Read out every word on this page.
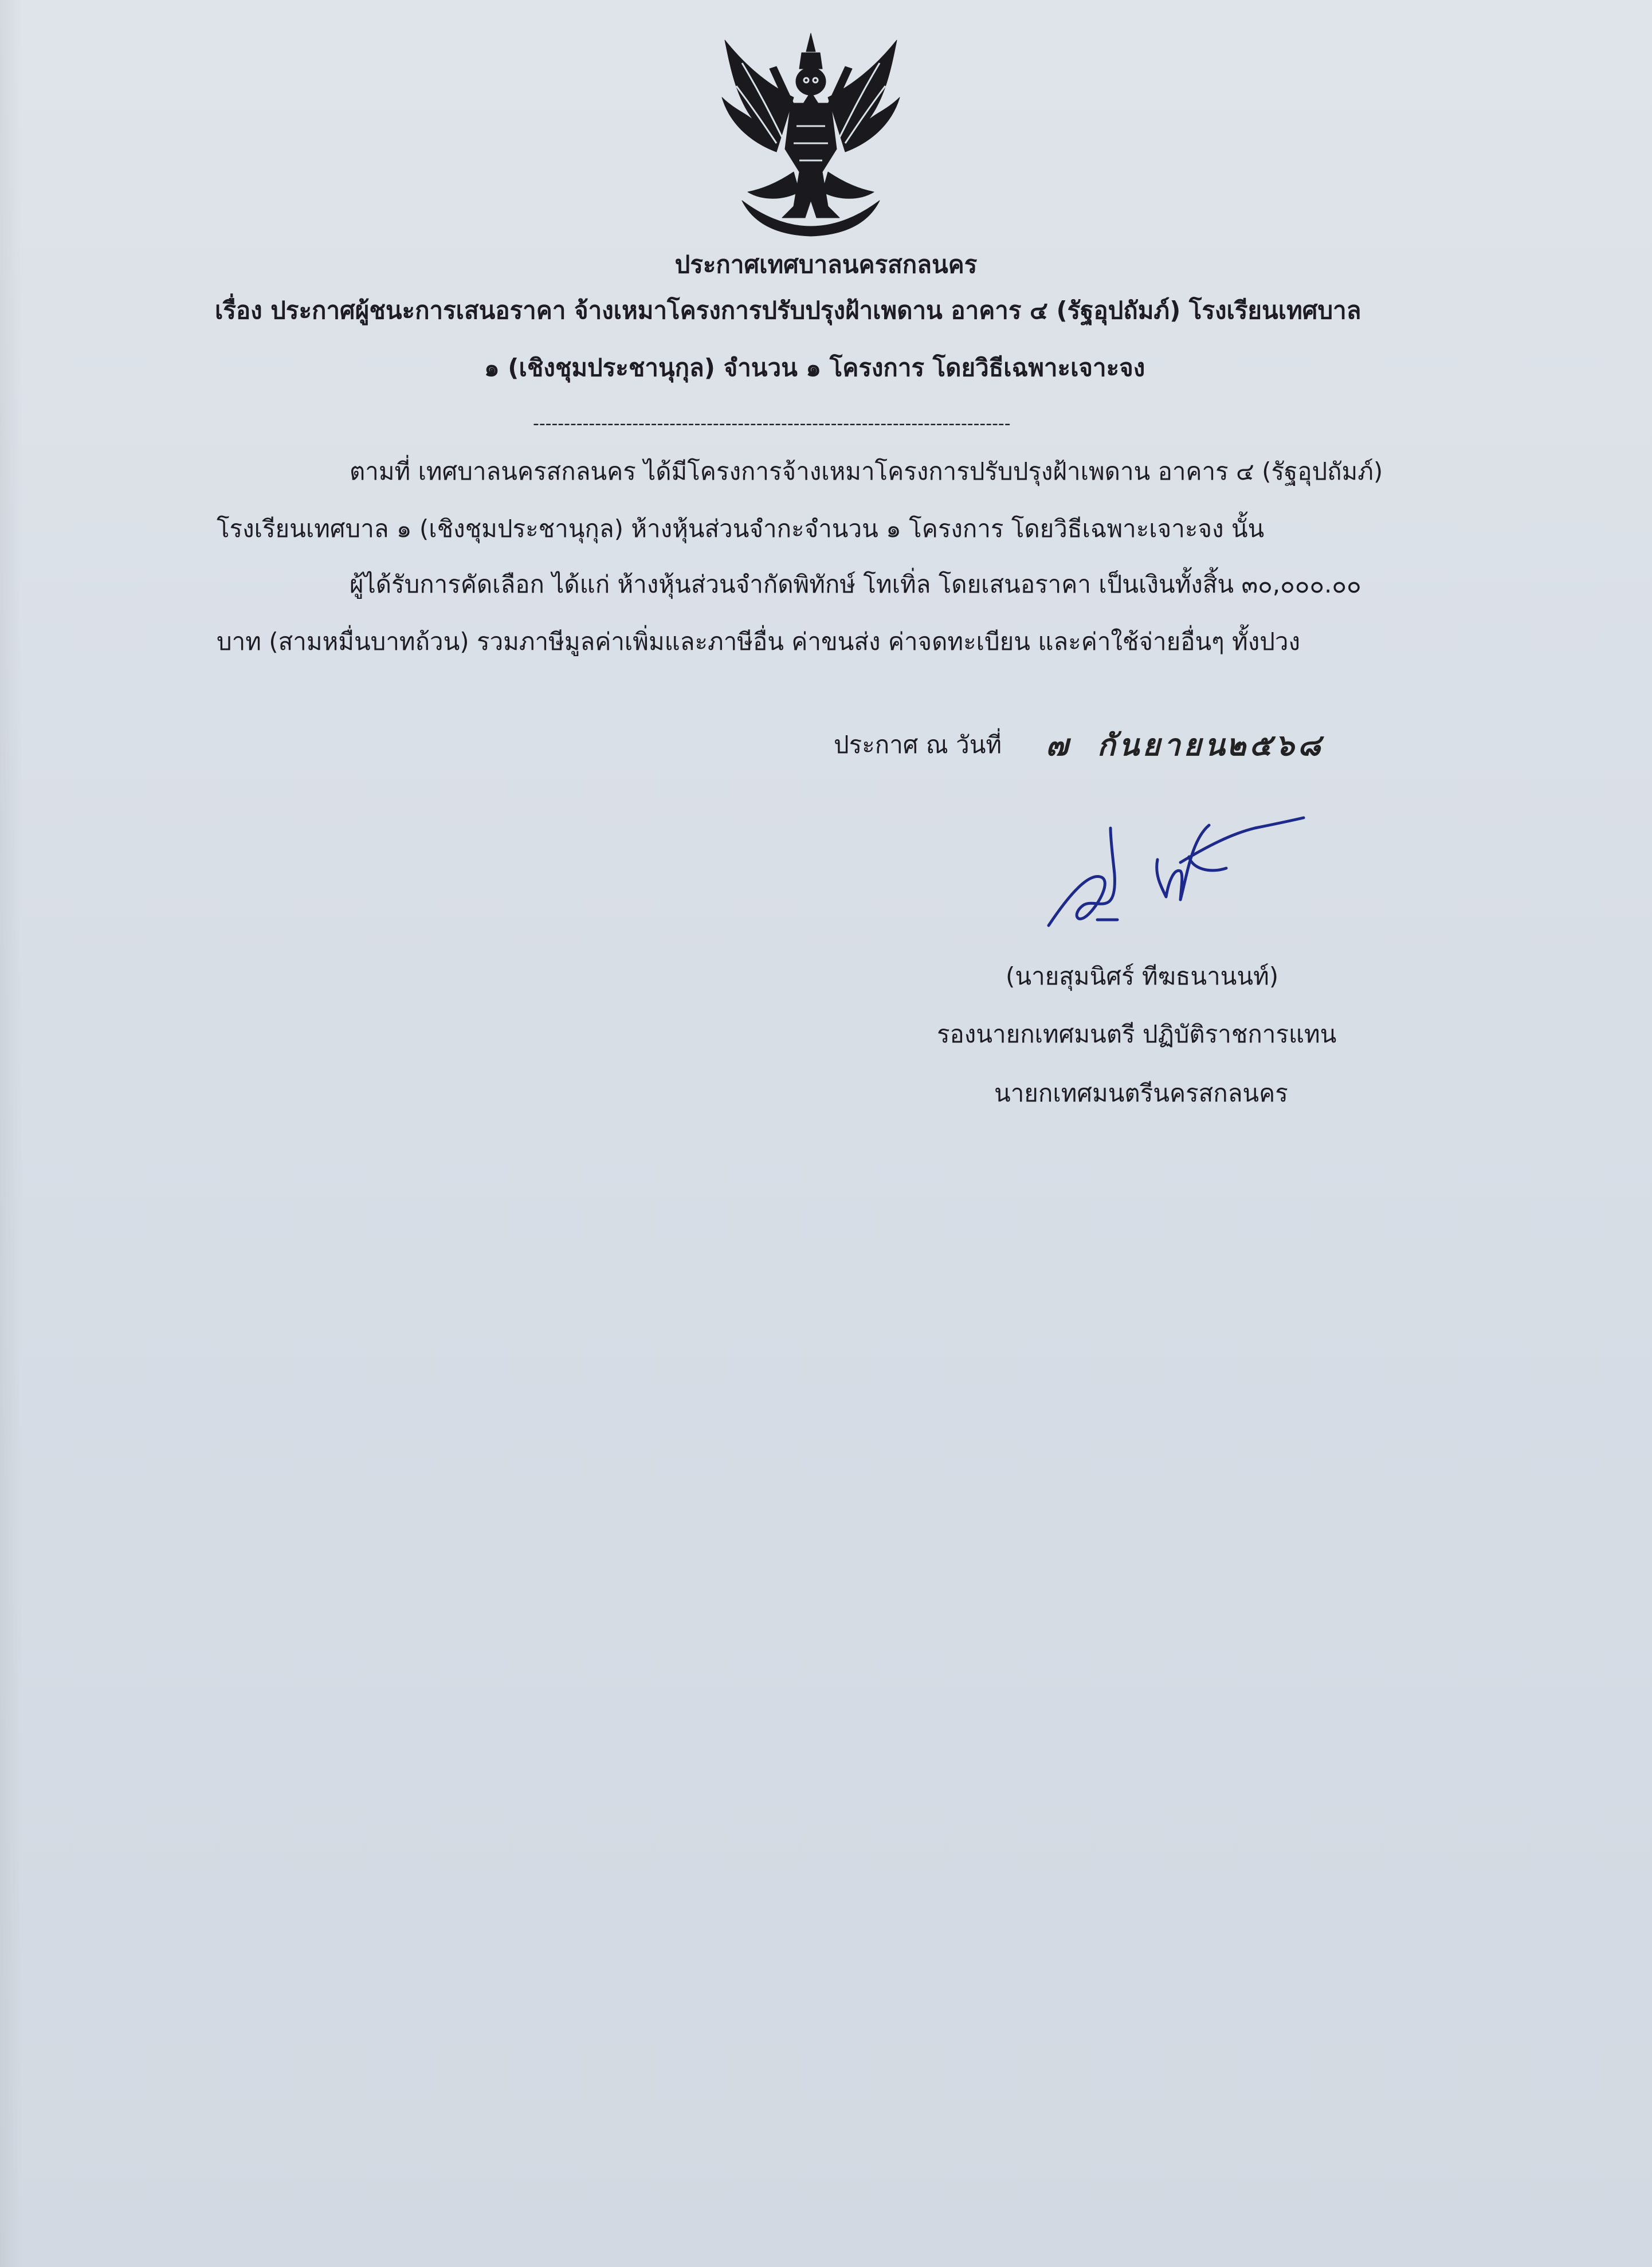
ประกาศเทศบาลนครสกลนคร
เรื่อง ประกาศผู้ชนะการเสนอราคา จ้างเหมาโครงการปรับปรุงฝ้าเพดาน อาคาร ๔ (รัฐอุปถัมภ์) โรงเรียนเทศบาล
๑ (เชิงชุมประชานุกุล) จำนวน ๑ โครงการ โดยวิธีเฉพาะเจาะจง
-----------------------------------------------------------------------------
ตามที่ เทศบาลนครสกลนคร ได้มีโครงการจ้างเหมาโครงการปรับปรุงฝ้าเพดาน อาคาร ๔ (รัฐอุปถัมภ์)
โรงเรียนเทศบาล ๑ (เชิงชุมประชานุกุล) ห้างหุ้นส่วนจำกะจำนวน ๑ โครงการ โดยวิธีเฉพาะเจาะจง นั้น
ผู้ได้รับการคัดเลือก ได้แก่ ห้างหุ้นส่วนจำกัดพิทักษ์ โทเทิ่ล โดยเสนอราคา เป็นเงินทั้งสิ้น ๓๐,๐๐๐.๐๐
บาท (สามหมื่นบาทถ้วน) รวมภาษีมูลค่าเพิ่มและภาษีอื่น ค่าขนส่ง ค่าจดทะเบียน และค่าใช้จ่ายอื่นๆ ทั้งปวง
ประกาศ ณ วันที่ ๗ กันยายน
๒๕๖๘
(นายสุมนิศร์ ทีฆธนานนท์)
รองนายกเทศมนตรี ปฏิบัติราชการแทน
นายกเทศมนตรีนครสกลนคร
